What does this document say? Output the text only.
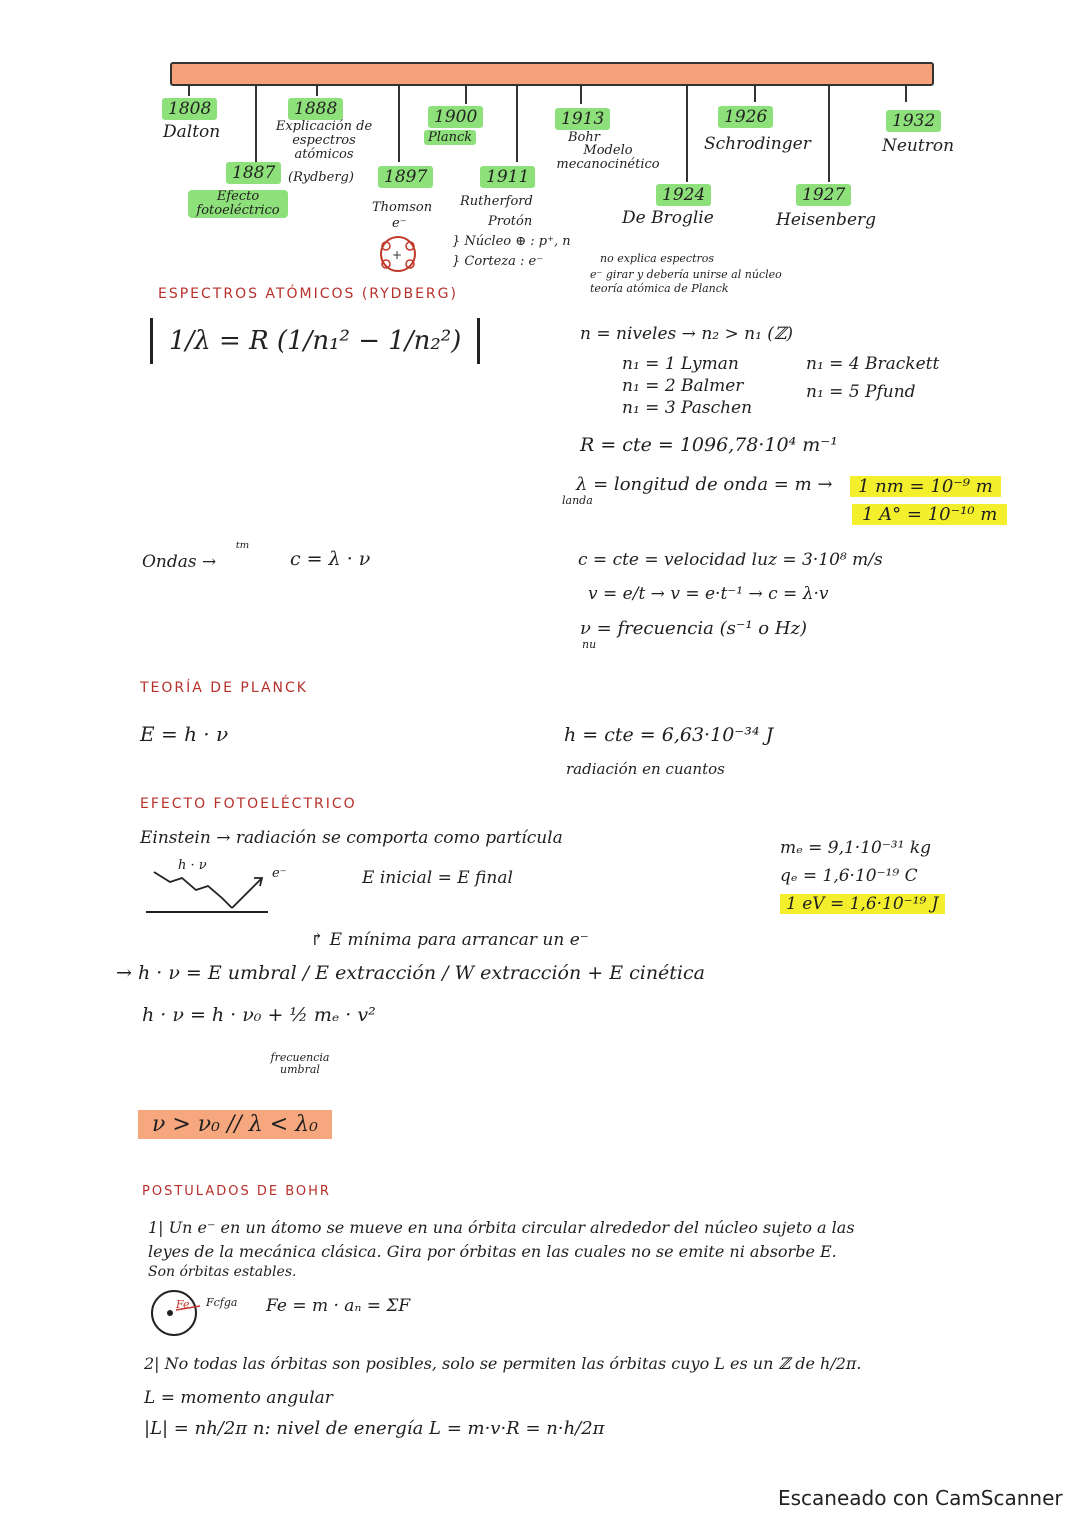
1808
Dalton
1888
Explicación de espectros atómicos
(Rydberg)
1887
Efecto fotoeléctrico
1897
Thomson
e⁻
1900
Planck
1911
Rutherford
Protón
1913
Bohr
Modelo mecanocinético
1924
De Broglie
1926
Schrodinger
1927
Heisenberg
1932
Neutron
+
} Núcleo ⊕ : p⁺, n
} Corteza : e⁻	no explica espectros
e⁻ girar y debería unirse al núcleo
teoría atómica de Planck
ESPECTROS ATÓMICOS (RYDBERG)
1/λ = R (1/n₁² − 1/n₂²)	n = niveles → n₂ > n₁ (ℤ)
n₁ = 1 Lyman
n₁ = 2 Balmer
n₁ = 3 Paschen
n₁ = 4 Brackett
n₁ = 5 Pfund
R = cte = 1096,78·10⁴ m⁻¹
λ = longitud de onda = m →
landa
1 nm = 10⁻⁹ m
1 A° = 10⁻¹⁰ m
Ondas →
ᵗᵐ
c = λ · ν	c = cte = velocidad luz = 3·10⁸ m/s
v = e/t → v = e·t⁻¹ → c = λ·v
ν = frecuencia (s⁻¹ o Hz)
nu
TEORÍA DE PLANCK
E = h · ν	h = cte = 6,63·10⁻³⁴ J
radiación en cuantos
EFECTO FOTOELÉCTRICO
Einstein → radiación se comporta como partícula
h · ν
e⁻	E inicial = E final
mₑ = 9,1·10⁻³¹ kg
qₑ = 1,6·10⁻¹⁹ C
1 eV = 1,6·10⁻¹⁹ J
↱ E mínima para arrancar un e⁻
→ h · ν = E umbral / E extracción / W extracción + E cinética
h · ν = h · ν₀ + ½ mₑ · v²
frecuencia umbral
ν > ν₀ // λ < λ₀
POSTULADOS DE BOHR
1| Un e⁻ en un átomo se mueve en una órbita circular alrededor del núcleo sujeto a las
leyes de la mecánica clásica. Gira por órbitas en las cuales no se emite ni absorbe E.
Son órbitas estables.
Fe Fcfga Fe = m · aₙ = ΣF
2| No todas las órbitas son posibles, solo se permiten las órbitas cuyo L es un ℤ de h/2π.
L = momento angular
|L| = nh/2π n: nivel de energía L = m·v·R = n·h/2π
Escaneado con CamScanner
